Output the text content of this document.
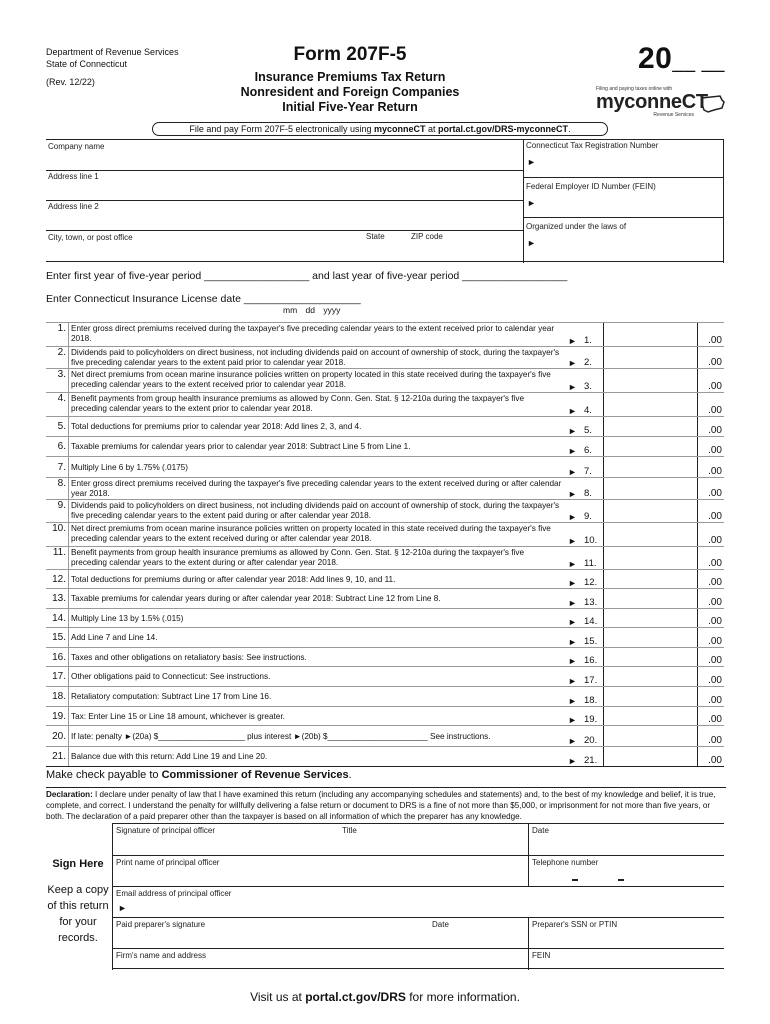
Department of Revenue Services
State of Connecticut
(Rev. 12/22)
Form 207F-5
Insurance Premiums Tax Return
Nonresident and Foreign Companies
Initial Five-Year Return
20__ __
Filing and paying taxes online with
myconneCT
Revenue Services
File and pay Form 207F-5 electronically using myconneCT at portal.ct.gov/DRS-myconneCT.
Company name
Address line 1
Address line 2
City, town, or post office	State	ZIP code
Connecticut Tax Registration Number
►
Federal Employer ID Number (FEIN)
►
Organized under the laws of
►
Enter first year of five-year period __________________ and last year of five-year period __________________
Enter Connecticut Insurance License date ____________________
mm dd yyyy
1. Enter gross direct premiums received during the taxpayer's five preceding calendar years to the extent received prior to calendar year 2018.	► 1.	.00
2. Dividends paid to policyholders on direct business, not including dividends paid on account of ownership of stock, during the taxpayer's five preceding calendar years to the extent paid prior to calendar year 2018.	► 2.	.00
3. Net direct premiums from ocean marine insurance policies written on property located in this state received during the taxpayer's five preceding calendar years to the extent received prior to calendar year 2018.	► 3.	.00
4. Benefit payments from group health insurance premiums as allowed by Conn. Gen. Stat. § 12-210a during the taxpayer's five preceding calendar years to the extent prior to calendar year 2018.	► 4.	.00
5. Total deductions for premiums prior to calendar year 2018: Add lines 2, 3, and 4.	► 5.	.00
6. Taxable premiums for calendar years prior to calendar year 2018: Subtract Line 5 from Line 1.	► 6.	.00
7. Multiply Line 6 by 1.75% (.0175)	► 7.	.00
8. Enter gross direct premiums received during the taxpayer's five preceding calendar years to the extent received during or after calendar year 2018.	► 8.	.00
9. Dividends paid to policyholders on direct business, not including dividends paid on account of ownership of stock, during the taxpayer's five preceding calendar years to the extent paid during or after calendar year 2018.	► 9.	.00
10. Net direct premiums from ocean marine insurance policies written on property located in this state received during the taxpayer's five preceding calendar years to the extent received during or after calendar year 2018.	► 10.	.00
11. Benefit payments from group health insurance premiums as allowed by Conn. Gen. Stat. § 12-210a during the taxpayer's five preceding calendar years to the extent during or after calendar year 2018.	► 11.	.00
12. Total deductions for premiums during or after calendar year 2018: Add lines 9, 10, and 11.	► 12.	.00
13. Taxable premiums for calendar years during or after calendar year 2018: Subtract Line 12 from Line 8.	► 13.	.00
14. Multiply Line 13 by 1.5% (.015)	► 14.	.00
15. Add Line 7 and Line 14.	► 15.	.00
16. Taxes and other obligations on retaliatory basis: See instructions.	► 16.	.00
17. Other obligations paid to Connecticut: See instructions.	► 17.	.00
18. Retaliatory computation: Subtract Line 17 from Line 16.	► 18.	.00
19. Tax: Enter Line 15 or Line 18 amount, whichever is greater.	► 19.	.00
20. If late: penalty ►(20a) $___________________ plus interest ►(20b) $______________________ See instructions.	► 20.	.00
21. Balance due with this return: Add Line 19 and Line 20.	► 21.	.00
Make check payable to Commissioner of Revenue Services.
Declaration: I declare under penalty of law that I have examined this return (including any accompanying schedules and statements) and, to the best of my knowledge and belief, it is true, complete, and correct. I understand the penalty for willfully delivering a false return or document to DRS is a fine of not more than $5,000, or imprisonment for not more than five years, or both. The declaration of a paid preparer other than the taxpayer is based on all information of which the preparer has any knowledge.
Sign Here
Keep a copy of this return for your records.
Signature of principal officer	Title	Date
Print name of principal officer	Telephone number
Email address of principal officer
►
Paid preparer's signature	Date	Preparer's SSN or PTIN
Firm's name and address	FEIN
Visit us at portal.ct.gov/DRS for more information.
